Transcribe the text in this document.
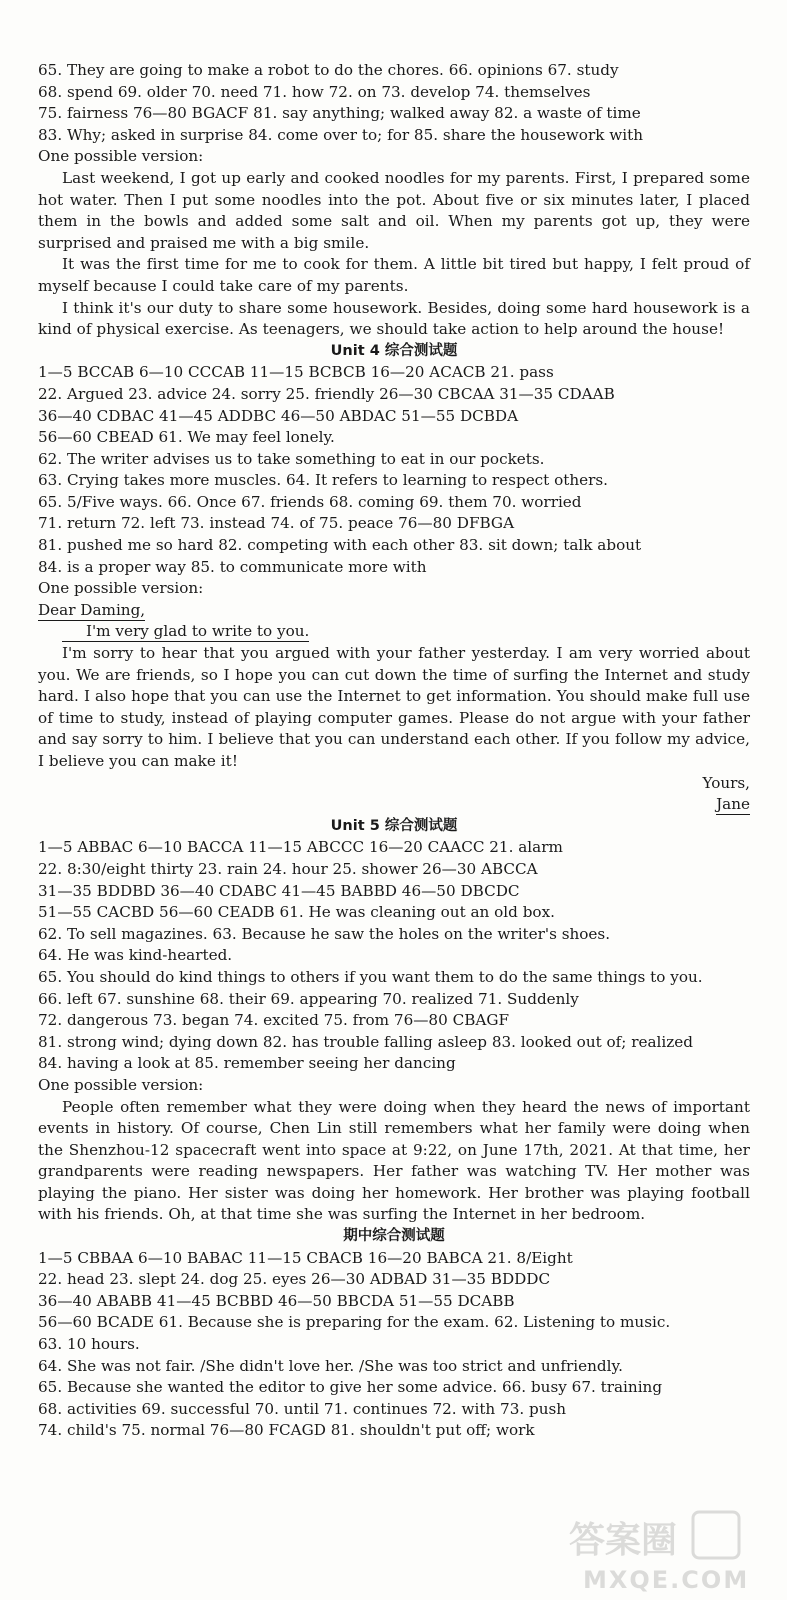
65. They are going to make a robot to do the chores. 66. opinions 67. study
68. spend 69. older 70. need 71. how 72. on 73. develop 74. themselves
75. fairness 76—80 BGACF 81. say anything; walked away 82. a waste of time
83. Why; asked in surprise 84. come over to; for 85. share the housework with
One possible version:
Last weekend, I got up early and cooked noodles for my parents. First, I prepared some hot water. Then I put some noodles into the pot. About five or six minutes later, I placed them in the bowls and added some salt and oil. When my parents got up, they were surprised and praised me with a big smile.
It was the first time for me to cook for them. A little bit tired but happy, I felt proud of myself because I could take care of my parents.
I think it's our duty to share some housework. Besides, doing some hard housework is a kind of physical exercise. As teenagers, we should take action to help around the house!
Unit 4 综合测试题
1—5 BCCAB 6—10 CCCAB 11—15 BCBCB 16—20 ACACB 21. pass
22. Argued 23. advice 24. sorry 25. friendly 26—30 CBCAA 31—35 CDAAB
36—40 CDBAC 41—45 ADDBC 46—50 ABDAC 51—55 DCBDA
56—60 CBEAD 61. We may feel lonely.
62. The writer advises us to take something to eat in our pockets.
63. Crying takes more muscles. 64. It refers to learning to respect others.
65. 5/Five ways. 66. Once 67. friends 68. coming 69. them 70. worried
71. return 72. left 73. instead 74. of 75. peace 76—80 DFBGA
81. pushed me so hard 82. competing with each other 83. sit down; talk about
84. is a proper way 85. to communicate more with
One possible version:
Dear Daming,
I'm very glad to write to you.
I'm sorry to hear that you argued with your father yesterday. I am very worried about you. We are friends, so I hope you can cut down the time of surfing the Internet and study hard. I also hope that you can use the Internet to get information. You should make full use of time to study, instead of playing computer games. Please do not argue with your father and say sorry to him. I believe that you can understand each other. If you follow my advice, I believe you can make it!
Yours,
Jane
Unit 5 综合测试题
1—5 ABBAC 6—10 BACCA 11—15 ABCCC 16—20 CAACC 21. alarm
22. 8:30/eight thirty 23. rain 24. hour 25. shower 26—30 ABCCA
31—35 BDDBD 36—40 CDABC 41—45 BABBD 46—50 DBCDC
51—55 CACBD 56—60 CEADB 61. He was cleaning out an old box.
62. To sell magazines. 63. Because he saw the holes on the writer's shoes.
64. He was kind-hearted.
65. You should do kind things to others if you want them to do the same things to you.
66. left 67. sunshine 68. their 69. appearing 70. realized 71. Suddenly
72. dangerous 73. began 74. excited 75. from 76—80 CBAGF
81. strong wind; dying down 82. has trouble falling asleep 83. looked out of; realized
84. having a look at 85. remember seeing her dancing
One possible version:
People often remember what they were doing when they heard the news of important events in history. Of course, Chen Lin still remembers what her family were doing when the Shenzhou-12 spacecraft went into space at 9:22, on June 17th, 2021. At that time, her grandparents were reading newspapers. Her father was watching TV. Her mother was playing the piano. Her sister was doing her homework. Her brother was playing football with his friends. Oh, at that time she was surfing the Internet in her bedroom.
期中综合测试题
1—5 CBBAA 6—10 BABAC 11—15 CBACB 16—20 BABCA 21. 8/Eight
22. head 23. slept 24. dog 25. eyes 26—30 ADBAD 31—35 BDDDC
36—40 ABABB 41—45 BCBBD 46—50 BBCDA 51—55 DCABB
56—60 BCADE 61. Because she is preparing for the exam. 62. Listening to music.
63. 10 hours.
64. She was not fair. /She didn't love her. /She was too strict and unfriendly.
65. Because she wanted the editor to give her some advice. 66. busy 67. training
68. activities 69. successful 70. until 71. continues 72. with 73. push
74. child's 75. normal 76—80 FCAGD 81. shouldn't put off; work
答案圈
MXQE.COM
